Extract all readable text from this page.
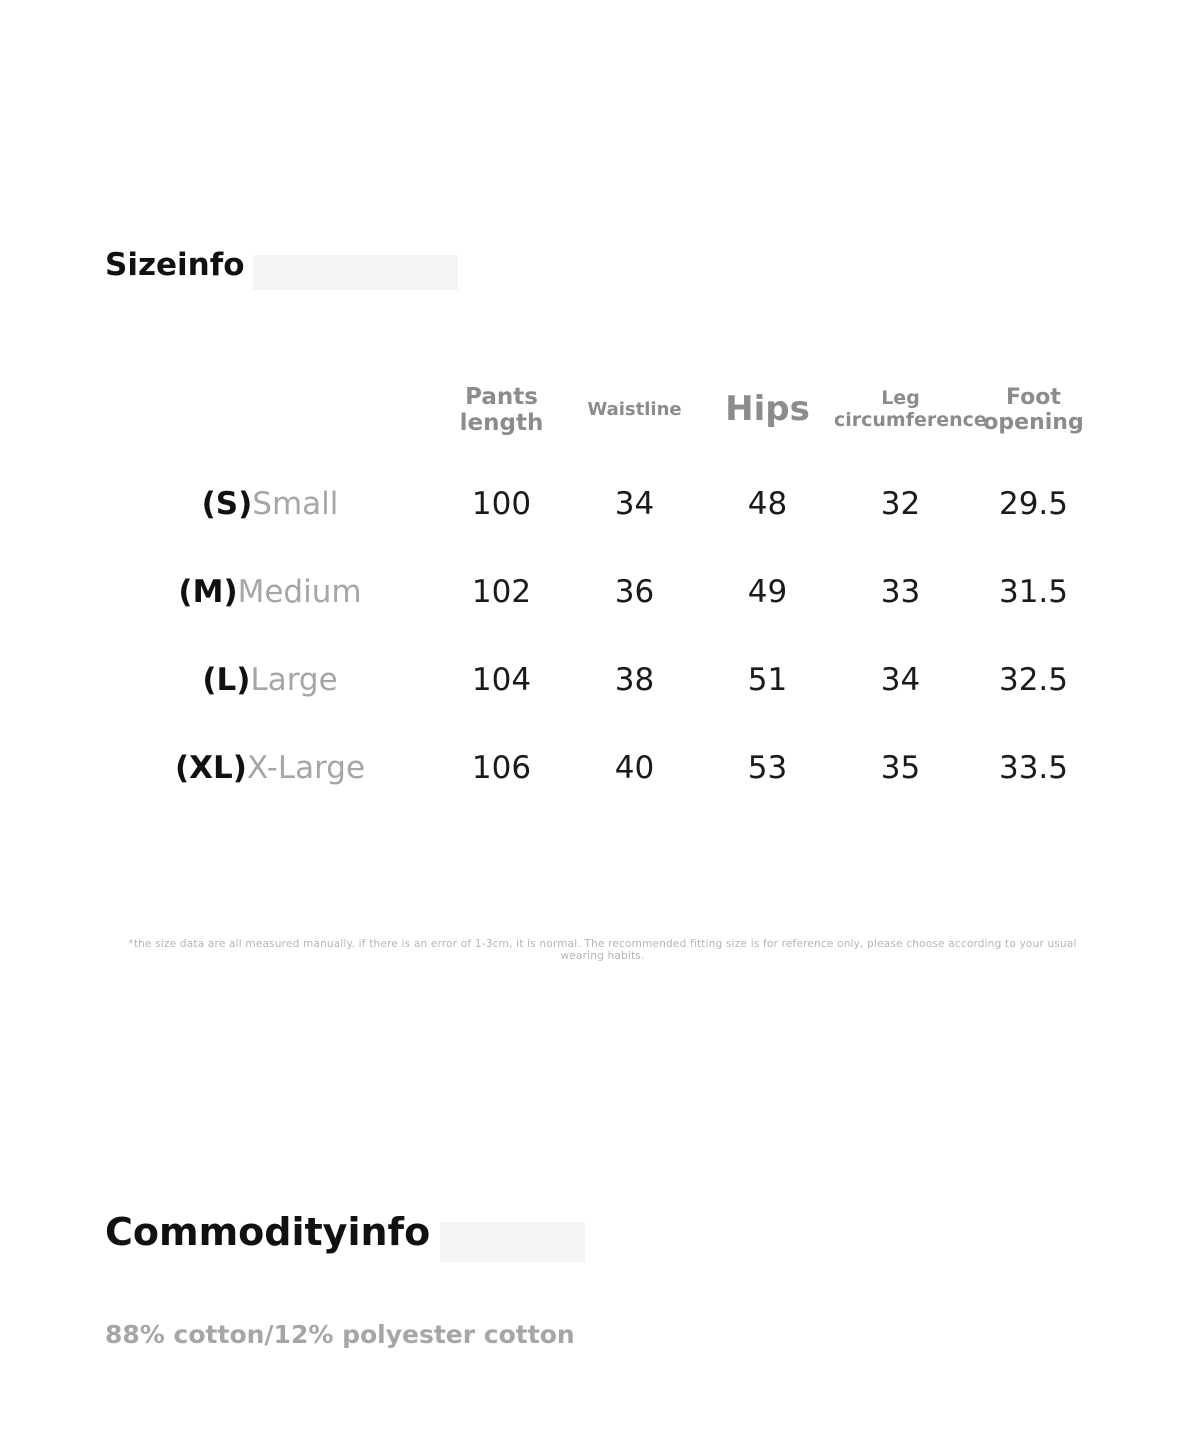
Sizeinfo
	Pants length	Waistline	Hips	Leg circumference	Foot opening
(S)Small	100	34	48	32	29.5
(M)Medium	102	36	49	33	31.5
(L)Large	104	38	51	34	32.5
(XL)X-Large	106	40	53	35	33.5
*the size data are all measured manually. if there is an error of 1-3cm, it is normal. The recommended fitting size is for reference only, please choose according to your usual wearing habits.
Commodityinfo
88% cotton/12% polyester cotton
